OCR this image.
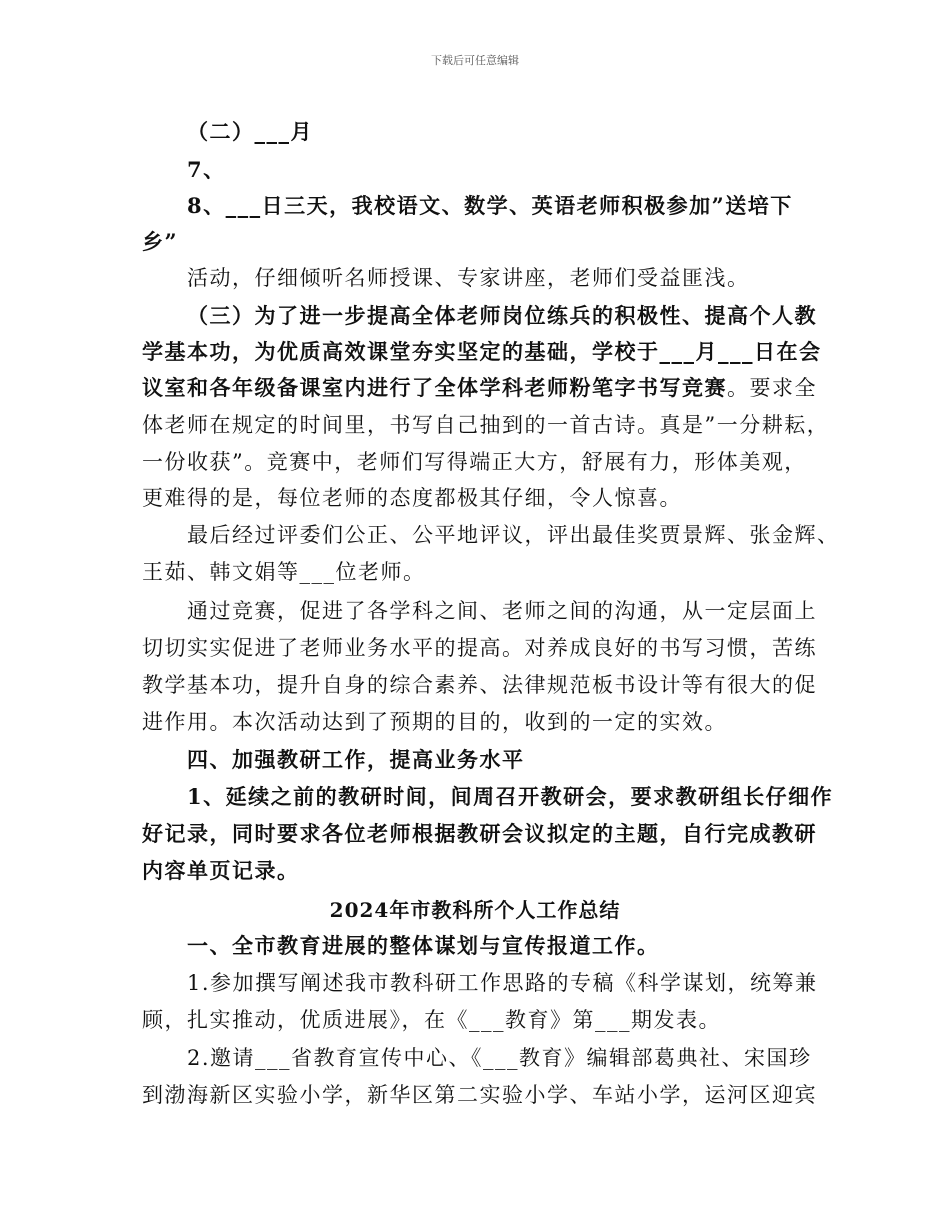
下载后可任意编辑
（二）___月
7、
8、___日三天，我校语文、数学、英语老师积极参加”送培下
乡”
活动，仔细倾听名师授课、专家讲座，老师们受益匪浅。
（三）为了进一步提高全体老师岗位练兵的积极性、提高个人教
学基本功，为优质高效课堂夯实坚定的基础，学校于___月___日在会
议室和各年级备课室内进行了全体学科老师粉笔字书写竞赛。要求全
体老师在规定的时间里，书写自己抽到的一首古诗。真是”一分耕耘，
一份收获”。竞赛中，老师们写得端正大方，舒展有力，形体美观，
更难得的是，每位老师的态度都极其仔细，令人惊喜。
最后经过评委们公正、公平地评议，评出最佳奖贾景辉、张金辉、
王茹、韩文娟等___位老师。
通过竞赛，促进了各学科之间、老师之间的沟通，从一定层面上
切切实实促进了老师业务水平的提高。对养成良好的书写习惯，苦练
教学基本功，提升自身的综合素养、法律规范板书设计等有很大的促
进作用。本次活动达到了预期的目的，收到的一定的实效。
四、加强教研工作，提高业务水平
1、延续之前的教研时间，间周召开教研会，要求教研组长仔细作
好记录，同时要求各位老师根据教研会议拟定的主题，自行完成教研
内容单页记录。
2024年市教科所个人工作总结
一、全市教育进展的整体谋划与宣传报道工作。
1.参加撰写阐述我市教科研工作思路的专稿《科学谋划，统筹兼
顾，扎实推动，优质进展》，在《___教育》第___期发表。
2.邀请___省教育宣传中心、《___教育》编辑部葛典社、宋国珍
到渤海新区实验小学，新华区第二实验小学、车站小学，运河区迎宾
